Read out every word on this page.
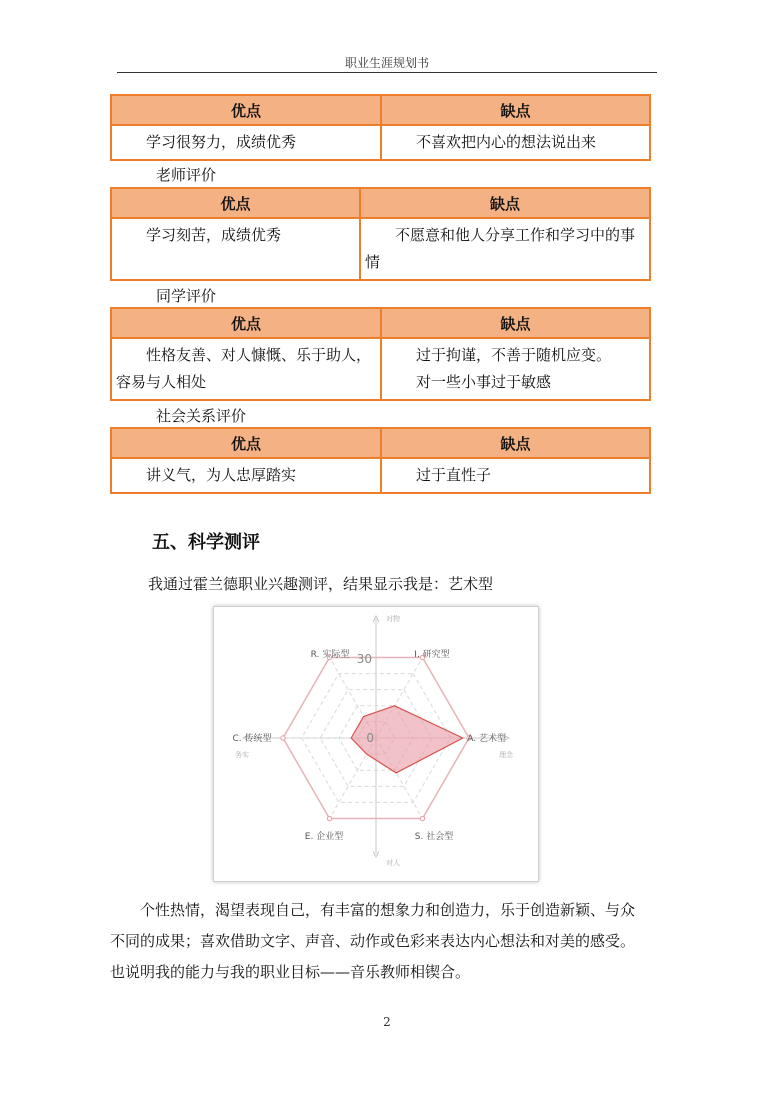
职业生涯规划书
优点	缺点

学习很努力，成绩优秀	不喜欢把内心的想法说出来
老师评价
优点	缺点

学习刻苦，成绩优秀	不愿意和他人分享工作和学习中的事情
同学评价
优点	缺点

性格友善、对人慷慨、乐于助人，容易与人相处	过于拘谨，不善于随机应变。
对一些小事过于敏感
社会关系评价
优点	缺点

讲义气，为人忠厚踏实	过于直性子
五、科学测评
我通过霍兰德职业兴趣测评，结果显示我是：艺术型
I. 研究型
A. 艺术型
S. 社会型
E. 企业型
C. 传统型
R. 实际型 30
0
对物
对人
务实	理念

个性热情，渴望表现自己，有丰富的想象力和创造力，乐于创造新颖、与众

不同的成果；喜欢借助文字、声音、动作或色彩来表达内心想法和对美的感受。

也说明我的能力与我的职业目标——音乐教师相锲合。

2
